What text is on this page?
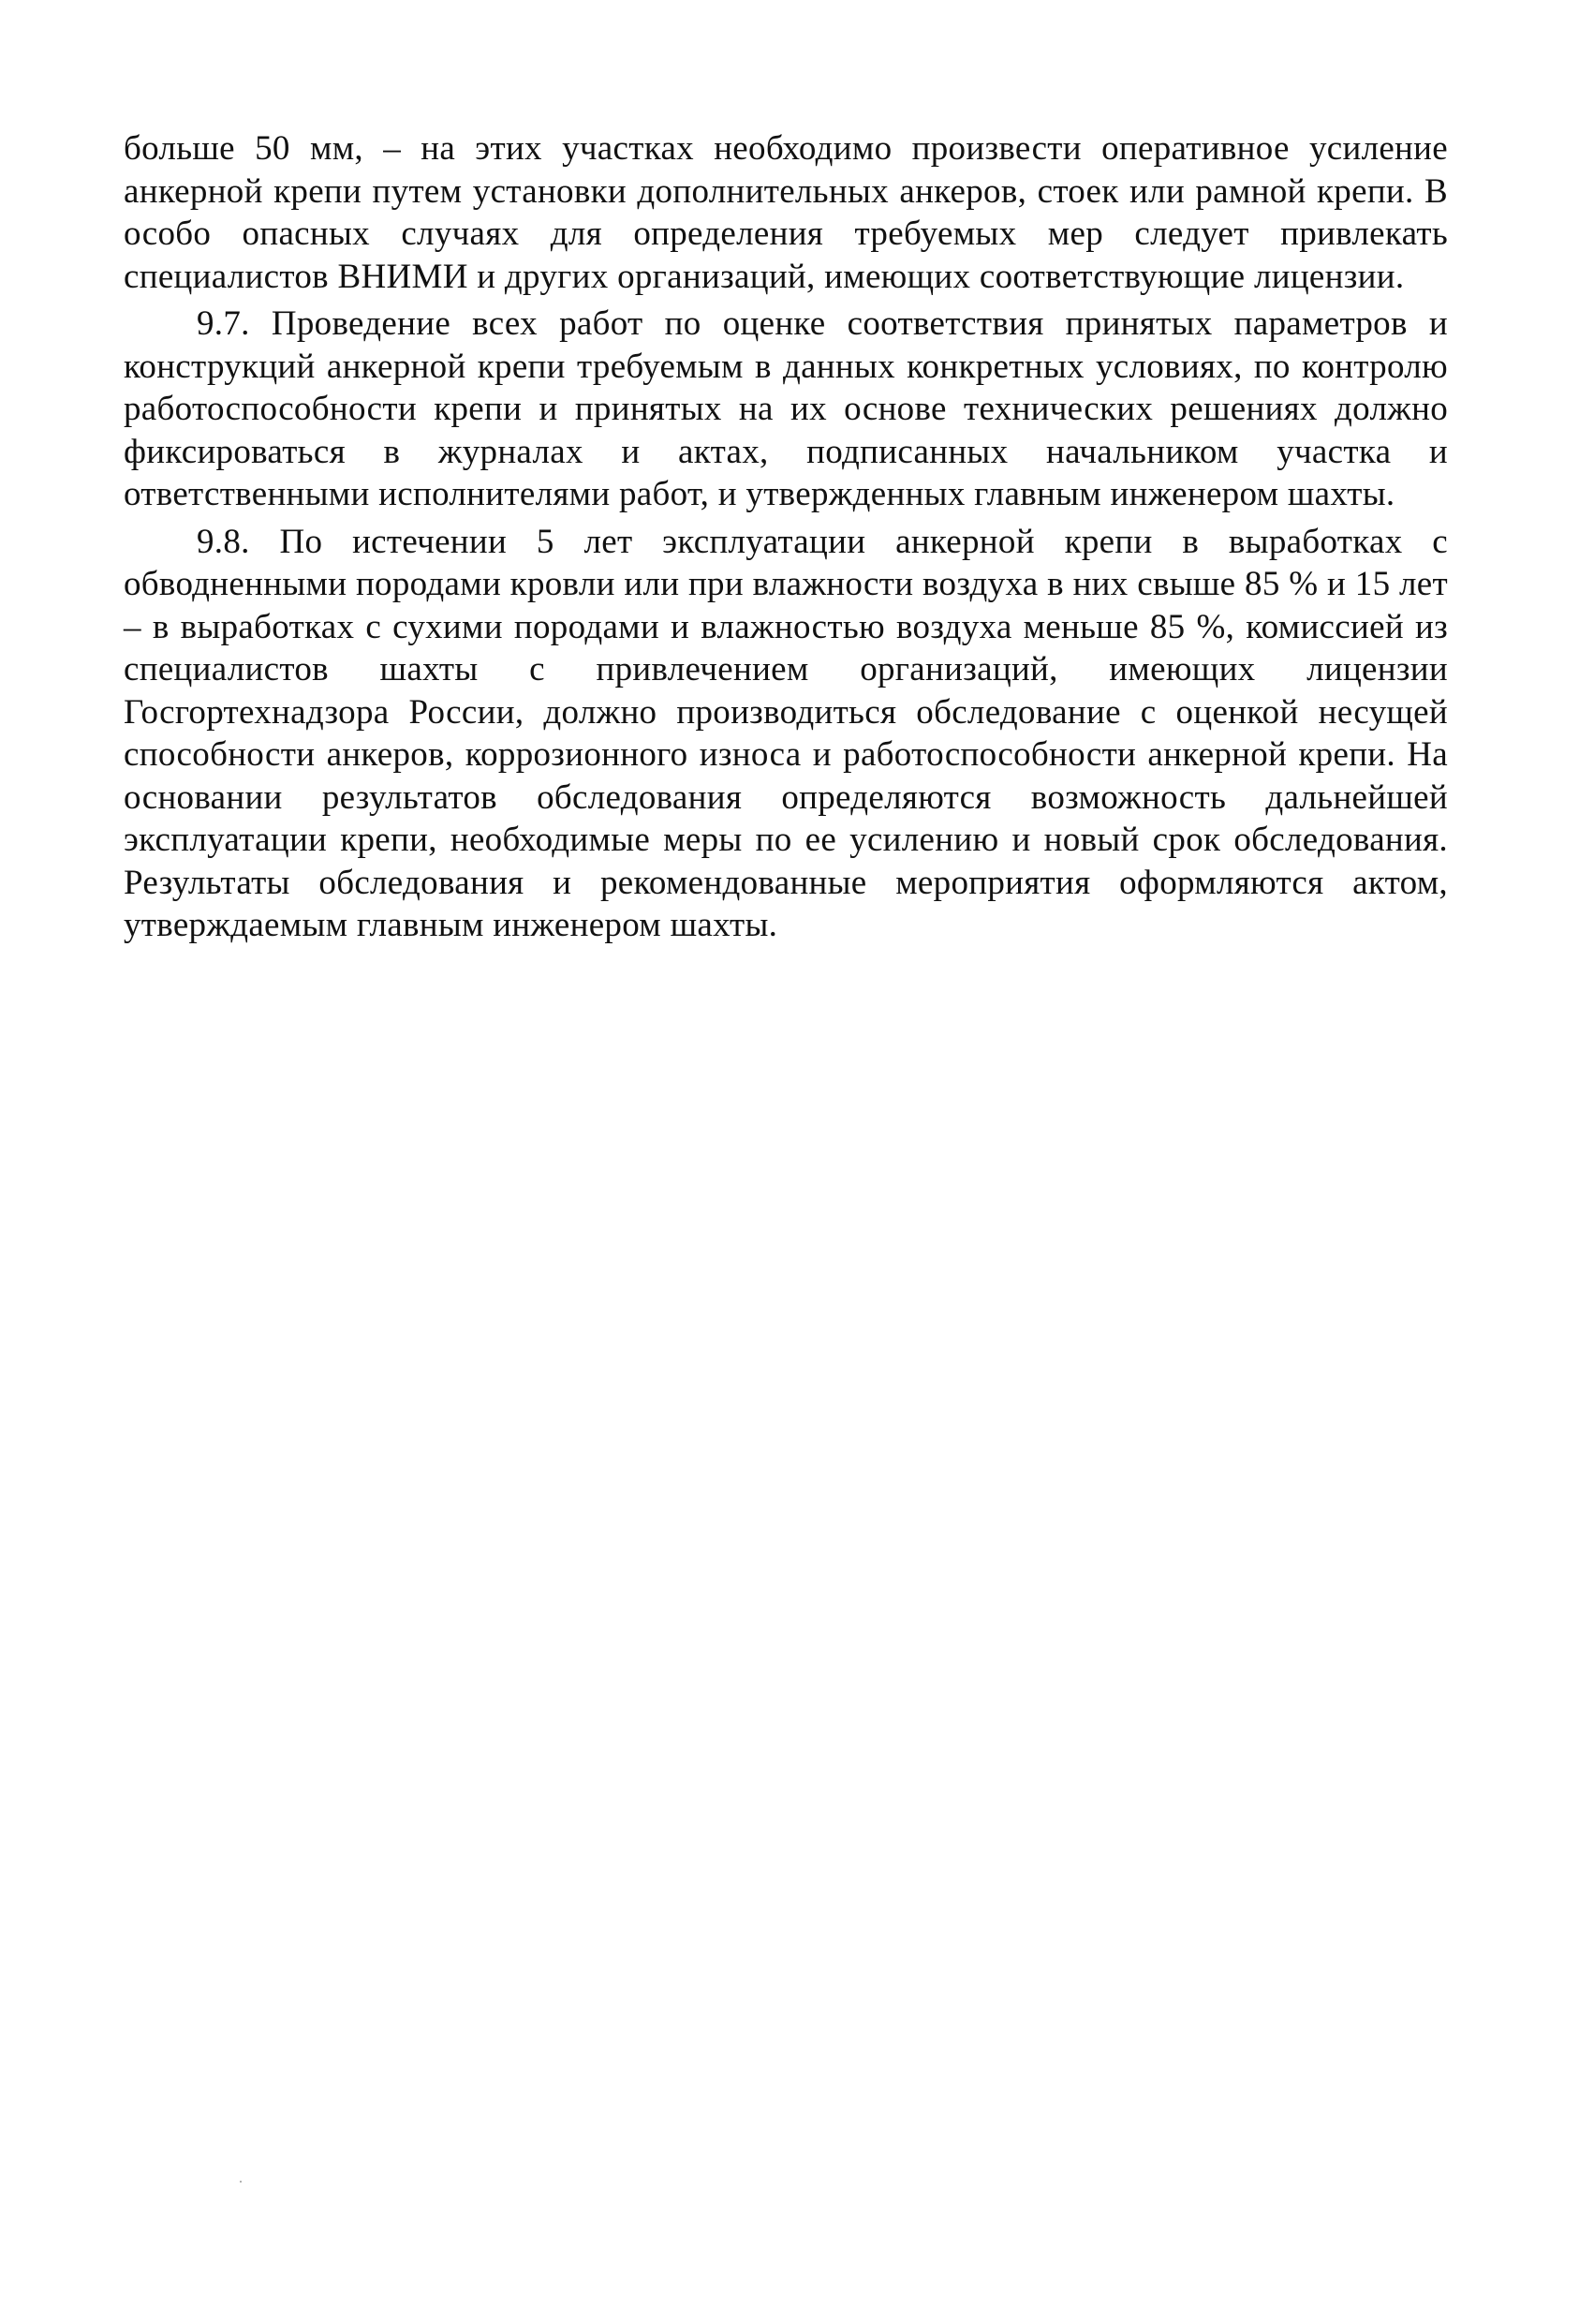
больше 50 мм, – на этих участках необходимо произвести оперативное усиление анкерной крепи путем установки дополнительных анкеров, стоек или рамной крепи. В особо опасных случаях для определения требуемых мер следует привлекать специалистов ВНИМИ и других организаций, имеющих соответствующие лицензии.

9.7. Проведение всех работ по оценке соответствия принятых параметров и конструкций анкерной крепи требуемым в данных конкретных условиях, по контролю работоспособности крепи и принятых на их основе технических решениях должно фиксироваться в журналах и актах, подписанных начальником участка и ответственными исполнителями работ, и утвержденных главным инженером шахты.

9.8. По истечении 5 лет эксплуатации анкерной крепи в выработках с обводненными породами кровли или при влажности воздуха в них свыше 85 % и 15 лет – в выработках с сухими породами и влажностью воздуха меньше 85 %, комиссией из специалистов шахты с привлечением организаций, имеющих лицензии Госгортехнадзора России, должно производиться обследование с оценкой несущей способности анкеров, коррозионного износа и работоспособности анкерной крепи. На основании результатов обследования определяются возможность дальнейшей эксплуатации крепи, необходимые меры по ее усилению и новый срок обследования. Результаты обследования и рекомендованные мероприятия оформляются актом, утверждаемым главным инженером шахты.
